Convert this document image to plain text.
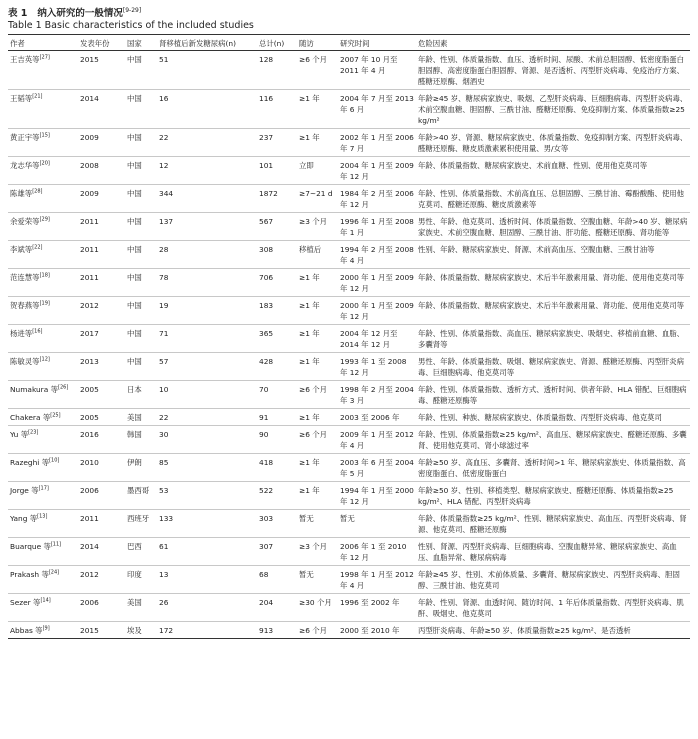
表 1 纳入研究的一般情况[9-29]
Table 1 Basic characteristics of the included studies
作者	发表年份	国家	肾移植后新发糖尿病(n)	总计(n)	随访	研究时间	危险因素
王吉英等[27]	2015	中国	51	128	≥6 个月	2007 年 10 月至 2011 年 4 月	年龄、性别、体质量指数、血压、透析时间、尿酸、术前总胆固醇、低密度脂蛋白胆固醇、高密度脂蛋白胆固醇、肾源、是否透析、丙型肝炎病毒、免疫治疗方案、醛糖还原酶、烟酒史
王韬等[21]	2014	中国	16	116	≥1 年	2004 年 7 月至 2013 年 6 月	年龄≥45 岁、糖尿病家族史、吸烟、乙型肝炎病毒、巨细胞病毒、丙型肝炎病毒、术前空腹血糖、胆固醇、三酰甘油、醛糖还原酶、免疫抑制方案、体质量指数≥25 kg/m²
黄正宇等[15]	2009	中国	22	237	≥1 年	2002 年 1 月至 2006 年 7 月	年龄>40 岁、肾源、糖尿病家族史、体质量指数、免疫抑制方案、丙型肝炎病毒、醛糖还原酶、糖皮质激素累积使用量、男/女等
龙志华等[20]	2008	中国	12	101	立即	2004 年 1 月至 2009 年 12 月	年龄、体质量指数、糖尿病家族史、术前血糖、性别、使用他克莫司等
陈雄等[28]	2009	中国	344	1872	≥7~21 d	1984 年 2 月至 2006 年 12 月	年龄、性别、体质量指数、术前高血压、总胆固醇、三酰甘油、霉酚酸酯、使用他克莫司、醛糖还原酶、糖皮质激素等
余爱荣等[29]	2011	中国	137	567	≥3 个月	1996 年 1 月至 2008 年 1 月	男性、年龄、他克莫司、透析时间、体质量指数、空腹血糖、年龄>40 岁、糖尿病家族史、术前空腹血糖、胆固醇、三酰甘油、肝功能、醛糖还原酶、肾功能等
李斌等[22]	2011	中国	28	308	移植后	1994 年 2 月至 2008 年 4 月	性别、年龄、糖尿病家族史、肾源、术前高血压、空腹血糖、三酰甘油等
范连慧等[18]	2011	中国	78	706	≥1 年	2000 年 1 月至 2009 年 12 月	年龄、体质量指数、糖尿病家族史、术后半年激素用量、肾功能、使用他克莫司等
贺春燕等[19]	2012	中国	19	183	≥1 年	2000 年 1 月至 2009 年 12 月	年龄、体质量指数、糖尿病家族史、术后半年激素用量、肾功能、使用他克莫司等
杨进等[16]	2017	中国	71	365	≥1 年	2004 年 12 月至 2014 年 12 月	年龄、性别、体质量指数、高血压、糖尿病家族史、吸烟史、移植前血糖、血脂、多囊肾等
陈敏灵等[12]	2013	中国	57	428	≥1 年	1993 年 1 至 2008 年 12 月	男性、年龄、体质量指数、吸烟、糖尿病家族史、肾源、醛糖还原酶、丙型肝炎病毒、巨细胞病毒、他克莫司等
Numakura 等[26]	2005	日本	10	70	≥6 个月	1998 年 2 月至 2004 年 3 月	年龄、性别、体质量指数、透析方式、透析时间、供者年龄、HLA 错配、巨细胞病毒、醛糖还原酶等
Chakera 等[25]	2005	美国	22	91	≥1 年	2003 至 2006 年	年龄、性别、种族、糖尿病家族史、体质量指数、丙型肝炎病毒、他克莫司
Yu 等[23]	2016	韩国	30	90	≥6 个月	2009 年 1 月至 2012 年 4 月	年龄、性别、体质量指数≥25 kg/m²、高血压、糖尿病家族史、醛糖还原酶、多囊肾、使用他克莫司、肾小球滤过率
Razeghi 等[10]	2010	伊朗	85	418	≥1 年	2003 年 6 月至 2004 年 5 月	年龄≥50 岁、高血压、多囊肾、透析时间>1 年、糖尿病家族史、体质量指数、高密度脂蛋白、低密度脂蛋白
Jorge 等[17]	2006	墨西哥	53	522	≥1 年	1994 年 1 月至 2000 年 12 月	年龄≥50 岁、性别、移植类型、糖尿病家族史、醛糖还原酶、体质量指数≥25 kg/m²、HLA 错配、丙型肝炎病毒
Yang 等[13]	2011	西班牙	133	303	暂无	暂无	年龄、体质量指数≥25 kg/m²、性别、糖尿病家族史、高血压、丙型肝炎病毒、肾源、他克莫司、醛糖还原酶
Buarque 等[11]	2014	巴西	61	307	≥3 个月	2006 年 1 至 2010 年 12 月	性别、肾源、丙型肝炎病毒、巨细胞病毒、空腹血糖异常、糖尿病家族史、高血压、血脂异常、糖尿病病毒
Prakash 等[24]	2012	印度	13	68	暂无	1998 年 1 月至 2012 年 4 月	年龄≥45 岁、性别、术前体质量、多囊肾、糖尿病家族史、丙型肝炎病毒、胆固醇、三酰甘油、他克莫司
Sezer 等[14]	2006	美国	26	204	≥30 个月	1996 至 2002 年	年龄、性别、肾源、血透时间、随访时间、1 年后体质量指数、丙型肝炎病毒、肌酐、吸烟史、他克莫司
Abbas 等[9]	2015	埃及	172	913	≥6 个月	2000 至 2010 年	丙型肝炎病毒、年龄≥50 岁、体质量指数≥25 kg/m²、是否透析
